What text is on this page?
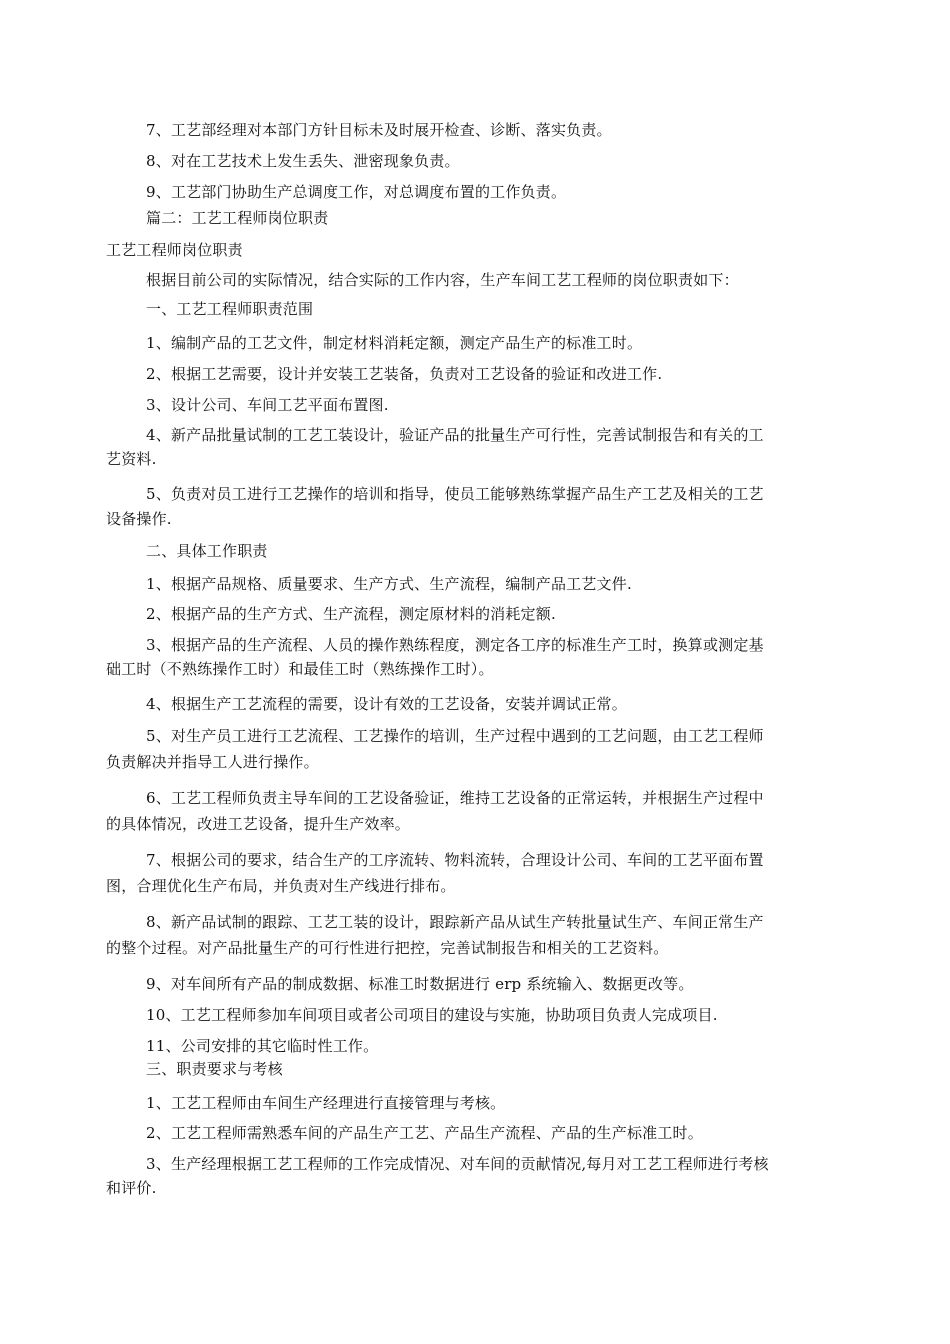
7、工艺部经理对本部门方针目标未及时展开检查、诊断、落实负责。
8、对在工艺技术上发生丢失、泄密现象负责。
9、工艺部门协助生产总调度工作，对总调度布置的工作负责。
篇二：工艺工程师岗位职责
工艺工程师岗位职责
根据目前公司的实际情况，结合实际的工作内容，生产车间工艺工程师的岗位职责如下：
一、工艺工程师职责范围
1、编制产品的工艺文件，制定材料消耗定额，测定产品生产的标准工时。
2、根据工艺需要，设计并安装工艺装备，负责对工艺设备的验证和改进工作.
3、设计公司、车间工艺平面布置图.
4、新产品批量试制的工艺工装设计，验证产品的批量生产可行性，完善试制报告和有关的工
艺资料.
5、负责对员工进行工艺操作的培训和指导，使员工能够熟练掌握产品生产工艺及相关的工艺
设备操作.
二、具体工作职责
1、根据产品规格、质量要求、生产方式、生产流程，编制产品工艺文件.
2、根据产品的生产方式、生产流程，测定原材料的消耗定额.
3、根据产品的生产流程、人员的操作熟练程度，测定各工序的标准生产工时，换算或测定基
础工时（不熟练操作工时）和最佳工时（熟练操作工时）。
4、根据生产工艺流程的需要，设计有效的工艺设备，安装并调试正常。
5、对生产员工进行工艺流程、工艺操作的培训，生产过程中遇到的工艺问题，由工艺工程师
负责解决并指导工人进行操作。
6、工艺工程师负责主导车间的工艺设备验证，维持工艺设备的正常运转，并根据生产过程中
的具体情况，改进工艺设备，提升生产效率。
7、根据公司的要求，结合生产的工序流转、物料流转，合理设计公司、车间的工艺平面布置
图，合理优化生产布局，并负责对生产线进行排布。
8、新产品试制的跟踪、工艺工装的设计，跟踪新产品从试生产转批量试生产、车间正常生产
的整个过程。对产品批量生产的可行性进行把控，完善试制报告和相关的工艺资料。
9、对车间所有产品的制成数据、标准工时数据进行 erp 系统输入、数据更改等。
10、工艺工程师参加车间项目或者公司项目的建设与实施，协助项目负责人完成项目.
11、公司安排的其它临时性工作。
三、职责要求与考核
1、工艺工程师由车间生产经理进行直接管理与考核。
2、工艺工程师需熟悉车间的产品生产工艺、产品生产流程、产品的生产标准工时。
3、生产经理根据工艺工程师的工作完成情况、对车间的贡献情况,每月对工艺工程师进行考核
和评价.
